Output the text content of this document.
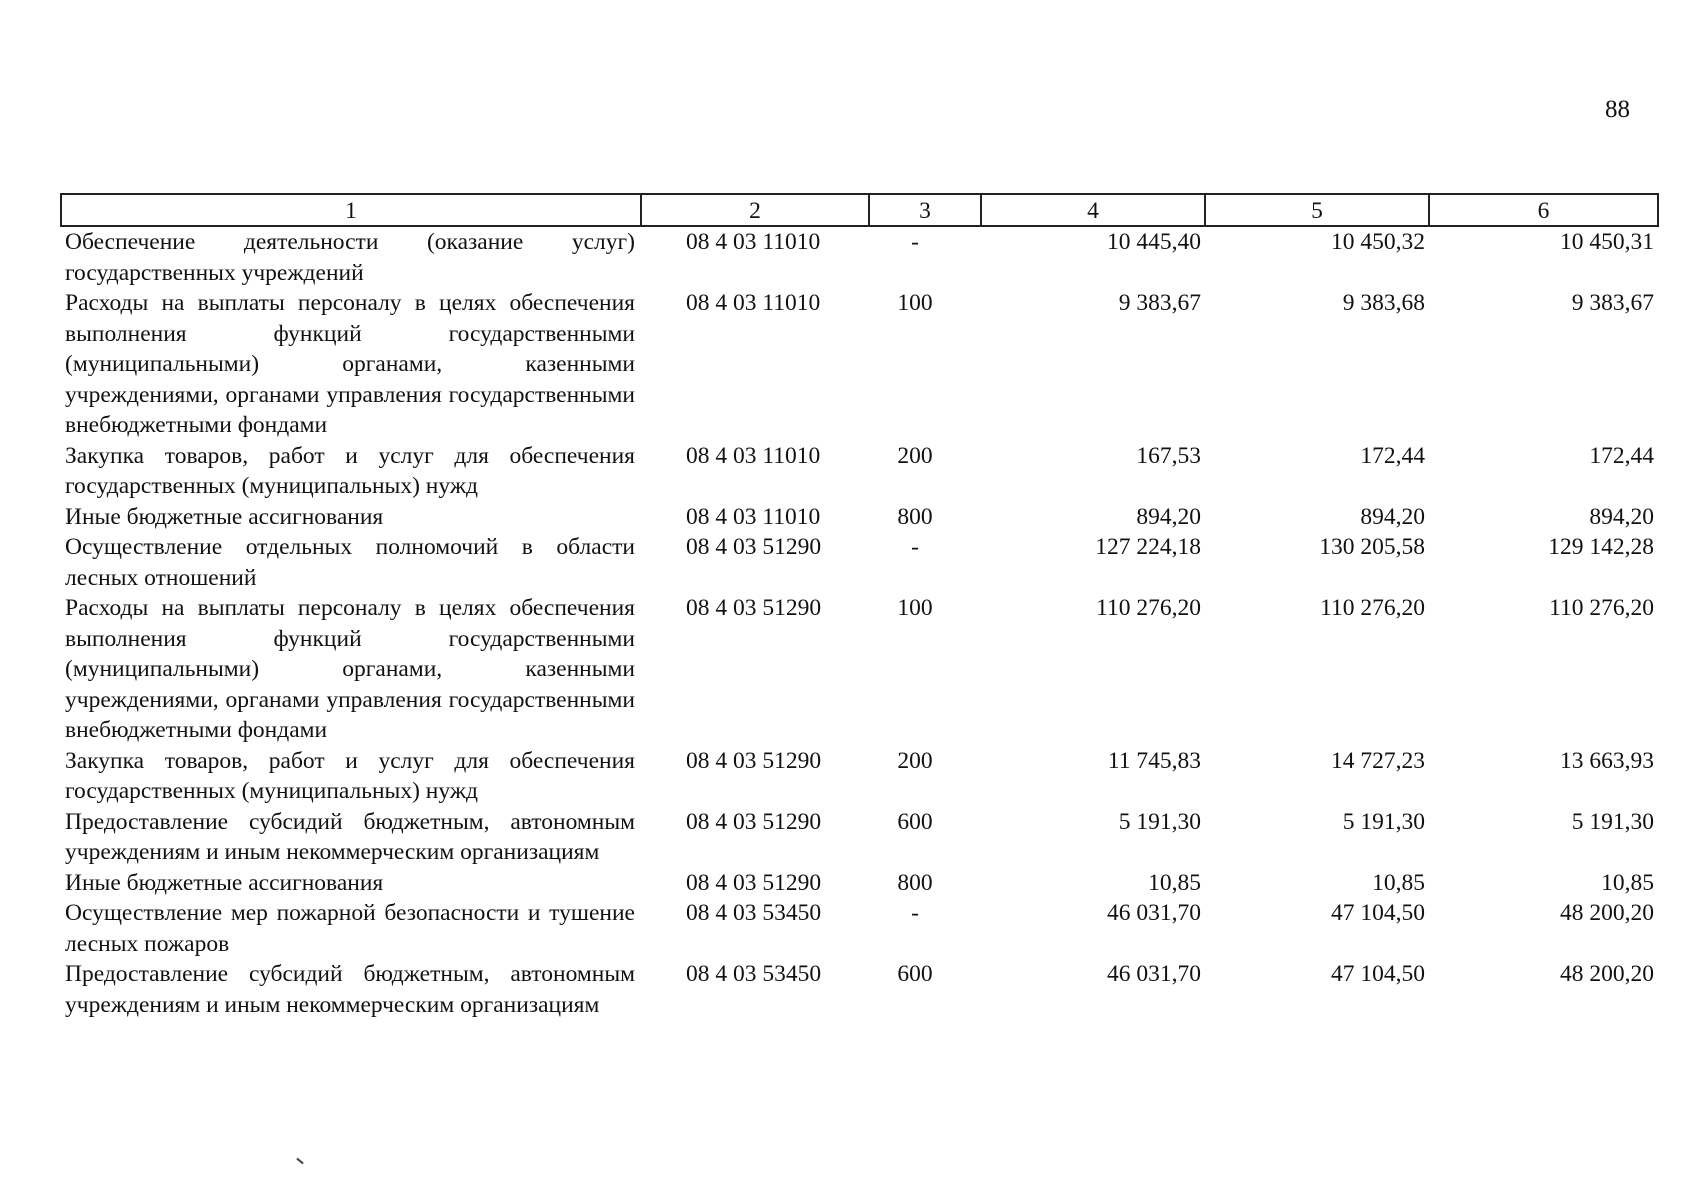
88
1	2	3	4	5	6
Обеспечение деятельности (оказание услуг) государственных учреждений	08 4 03 11010	-	10 445,40	10 450,32	10 450,31
Расходы на выплаты персоналу в целях обеспечения выполнения функций государственными (муниципальными) органами, казенными учреждениями, органами управления государственными внебюджетными фондами	08 4 03 11010	100	9 383,67	9 383,68	9 383,67
Закупка товаров, работ и услуг для обеспечения государственных (муниципальных) нужд	08 4 03 11010	200	167,53	172,44	172,44
Иные бюджетные ассигнования	08 4 03 11010	800	894,20	894,20	894,20
Осуществление отдельных полномочий в области лесных отношений	08 4 03 51290	-	127 224,18	130 205,58	129 142,28
Расходы на выплаты персоналу в целях обеспечения выполнения функций государственными (муниципальными) органами, казенными учреждениями, органами управления государственными внебюджетными фондами	08 4 03 51290	100	110 276,20	110 276,20	110 276,20
Закупка товаров, работ и услуг для обеспечения государственных (муниципальных) нужд	08 4 03 51290	200	11 745,83	14 727,23	13 663,93
Предоставление субсидий бюджетным, автономным учреждениям и иным некоммерческим организациям	08 4 03 51290	600	5 191,30	5 191,30	5 191,30
Иные бюджетные ассигнования	08 4 03 51290	800	10,85	10,85	10,85
Осуществление мер пожарной безопасности и тушение лесных пожаров	08 4 03 53450	-	46 031,70	47 104,50	48 200,20
Предоставление субсидий бюджетным, автономным учреждениям и иным некоммерческим организациям	08 4 03 53450	600	46 031,70	47 104,50	48 200,20
